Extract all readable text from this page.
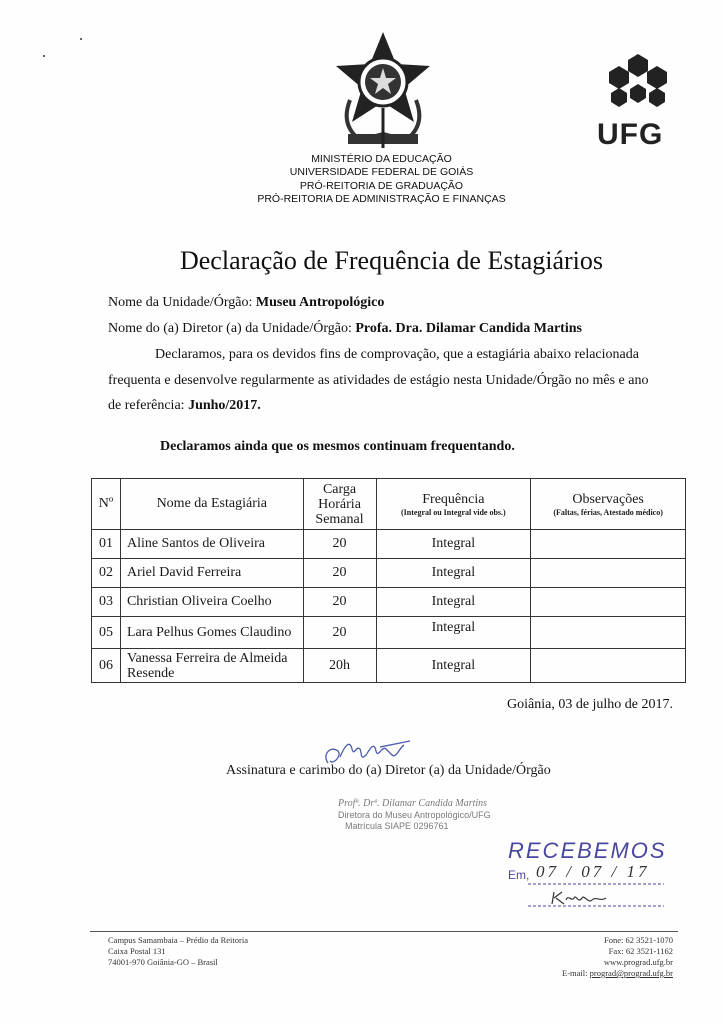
UFG
MINISTÉRIO DA EDUCAÇÃO
UNIVERSIDADE FEDERAL DE GOIÁS
PRÓ-REITORIA DE GRADUAÇÃO
PRÓ-REITORIA DE ADMINISTRAÇÃO E FINANÇAS
Declaração de Frequência de Estagiários
Nome da Unidade/Órgão: Museu Antropológico
Nome do (a) Diretor (a) da Unidade/Órgão: Profa. Dra. Dilamar Candida Martins
Declaramos, para os devidos fins de comprovação, que a estagiária abaixo relacionada
frequenta e desenvolve regularmente as atividades de estágio nesta Unidade/Órgão no mês e ano
de referência: Junho/2017.
Declaramos ainda que os mesmos continuam frequentando.
Nº	Nome da Estagiária	Carga
Horária
Semanal	Frequência
(Integral ou Integral vide obs.)	Observações
(Faltas, férias, Atestado médico)

01	Aline Santos de Oliveira	20	Integral	
02	Ariel David Ferreira	20	Integral	
03	Christian Oliveira Coelho	20	Integral	
05	Lara Pelhus Gomes Claudino	20	Integral	
06	Vanessa Ferreira de Almeida
Resende	20h	Integral	
Goiânia, 03 de julho de 2017.
Assinatura e carimbo do (a) Diretor (a) da Unidade/Órgão
Profª. Drª. Dilamar Candida Martins
Diretora do Museu Antropológico/UFG
Matrícula SIAPE 0296761
RECEBEMOS
Em, 07 / 07 / 17
Campus Samambaia – Prédio da Reitoria
Caixa Postal 131
74001-970 Goiânia-GO – Brasil
Fone: 62 3521-1070
Fax: 62 3521-1162
www.prograd.ufg.br
E-mail: prograd@prograd.ufg.br
